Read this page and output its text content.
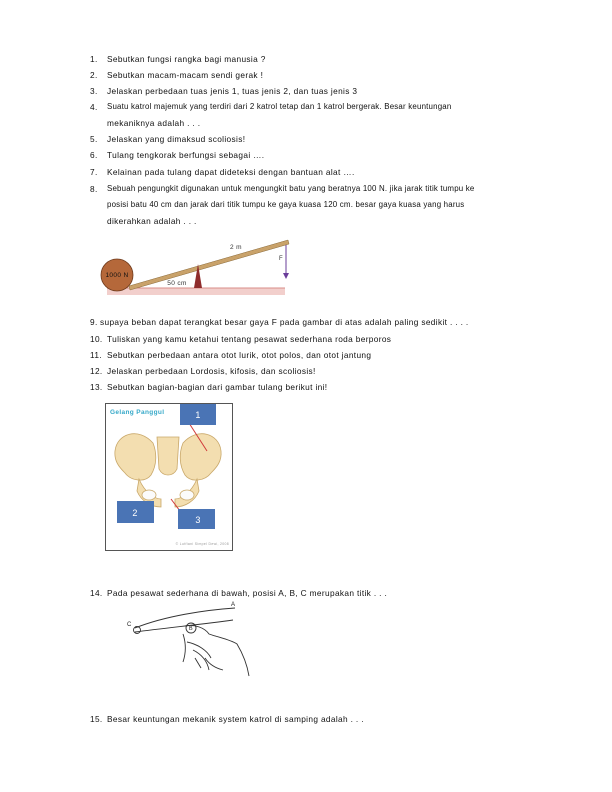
1. Sebutkan fungsi rangka bagi manusia ?
2. Sebutkan macam-macam sendi gerak !
3. Jelaskan perbedaan tuas jenis 1, tuas jenis 2, dan tuas jenis 3
4. Suatu katrol majemuk yang terdiri dari 2 katrol tetap dan 1 katrol bergerak. Besar keuntungan
mekaniknya adalah . . .
5. Jelaskan yang dimaksud scoliosis!
6. Tulang tengkorak berfungsi sebagai ….
7. Kelainan pada tulang dapat dideteksi dengan bantuan alat ….
8. Sebuah pengungkit digunakan untuk mengungkit batu yang beratnya 100 N. jika jarak titik tumpu ke
posisi batu 40 cm dan jarak dari titik tumpu ke gaya kuasa 120 cm. besar gaya kuasa yang harus
dikerahkan adalah . . .
1000 N
50 cm
2 m
F
9. supaya beban dapat terangkat besar gaya F pada gambar di atas adalah paling sedikit . . . .
10. Tuliskan yang kamu ketahui tentang pesawat sederhana roda berporos
11. Sebutkan perbedaan antara otot lurik, otot polos, dan otot jantung
12. Jelaskan perbedaan Lordosis, kifosis, dan scoliosis!
13. Sebutkan bagian-bagian dari gambar tulang berikut ini!
Gelang Panggul	1
2
3
© Lutfiani Simpel Dewi, 2008
14. Pada pesawat sederhana di bawah, posisi A, B, C merupakan titik . . .
A
B
C
15. Besar keuntungan mekanik system katrol di samping adalah . . .
